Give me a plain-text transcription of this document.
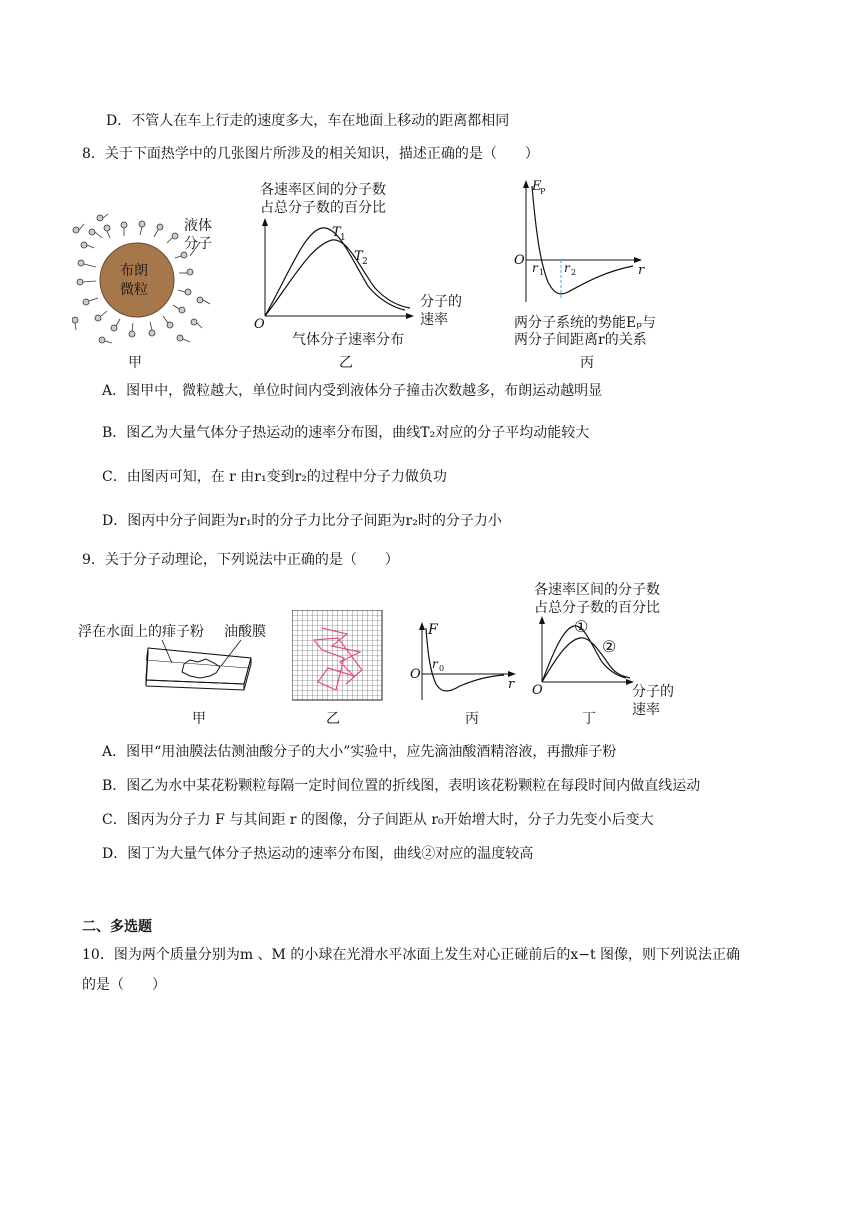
D．不管人在车上行走的速度多大，车在地面上移动的距离都相同
8．关于下面热学中的几张图片所涉及的相关知识，描述正确的是（　　）
布朗
微粒
液体
分子
甲
各速率区间的分子数
占总分子数的百分比
T 1
T 2
分子的
速率
O
气体分子速率分布
乙
E
P
O r 1 r 2	r
两分子系统的势能Eₚ与
两分子间距离r的关系
丙
A．图甲中，微粒越大，单位时间内受到液体分子撞击次数越多，布朗运动越明显
B．图乙为大量气体分子热运动的速率分布图，曲线T₂对应的分子平均动能较大
C．由图丙可知，在 r 由r₁变到r₂的过程中分子力做负功
D．图丙中分子间距为r₁时的分子力比分子间距为r₂时的分子力小
9．关于分子动理论，下列说法中正确的是（　　）
浮在水面上的痱子粉 油酸膜
甲	乙
F
O
r 0
r
丙
各速率区间的分子数
占总分子数的百分比
①
②
O	分子的
速率
丁
A．图甲“用油膜法估测油酸分子的大小”实验中，应先滴油酸酒精溶液，再撒痱子粉
B．图乙为水中某花粉颗粒每隔一定时间位置的折线图，表明该花粉颗粒在每段时间内做直线运动
C．图丙为分子力 F 与其间距 r 的图像，分子间距从 r₀开始增大时，分子力先变小后变大
D．图丁为大量气体分子热运动的速率分布图，曲线②对应的温度较高
二、多选题
10．图为两个质量分别为m 、M 的小球在光滑水平冰面上发生对心正碰前后的x−t 图像，则下列说法正确
的是（　　）
